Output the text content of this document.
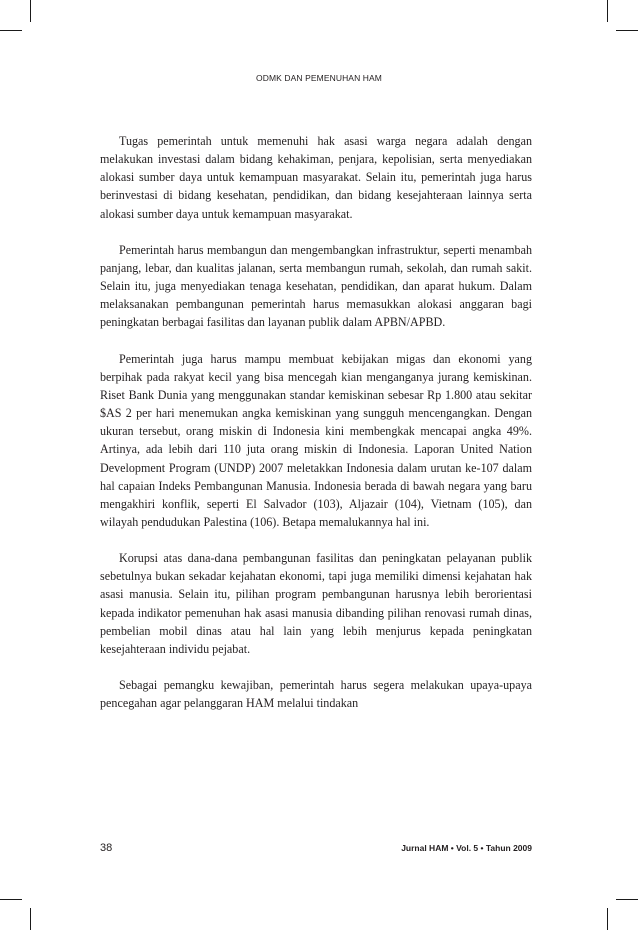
ODMK DAN PEMENUHAN HAM

Tugas pemerintah untuk memenuhi hak asasi warga negara adalah dengan melakukan investasi dalam bidang kehakiman, penjara, kepolisian, serta menyediakan alokasi sumber daya untuk kemampuan masyarakat. Selain itu, pemerintah juga harus berinvestasi di bidang kesehatan, pendidikan, dan bidang kesejahteraan lainnya serta alokasi sumber daya untuk kemampuan masyarakat.

Pemerintah harus membangun dan mengembangkan infrastruktur, seperti menambah panjang, lebar, dan kualitas jalanan, serta membangun rumah, sekolah, dan rumah sakit. Selain itu, juga menyediakan tenaga kesehatan, pendidikan, dan aparat hukum. Dalam melaksanakan pembangunan pemerintah harus memasukkan alokasi anggaran bagi peningkatan berbagai fasilitas dan layanan publik dalam APBN/APBD.

Pemerintah juga harus mampu membuat kebijakan migas dan ekonomi yang berpihak pada rakyat kecil yang bisa mencegah kian menganganya jurang kemiskinan. Riset Bank Dunia yang menggunakan standar kemiskinan sebesar Rp 1.800 atau sekitar $AS 2 per hari menemukan angka kemiskinan yang sungguh mencengangkan. Dengan ukuran tersebut, orang miskin di Indonesia kini membengkak mencapai angka 49%. Artinya, ada lebih dari 110 juta orang miskin di Indonesia. Laporan United Nation Development Program (UNDP) 2007 meletakkan Indonesia dalam urutan ke-107 dalam hal capaian Indeks Pembangunan Manusia. Indonesia berada di bawah negara yang baru mengakhiri konflik, seperti El Salvador (103), Aljazair (104), Vietnam (105), dan wilayah pendudukan Palestina (106). Betapa memalukannya hal ini.

Korupsi atas dana-dana pembangunan fasilitas dan peningkatan pelayanan publik sebetulnya bukan sekadar kejahatan ekonomi, tapi juga memiliki dimensi kejahatan hak asasi manusia. Selain itu, pilihan program pembangunan harusnya lebih berorientasi kepada indikator pemenuhan hak asasi manusia dibanding pilihan renovasi rumah dinas, pembelian mobil dinas atau hal lain yang lebih menjurus kepada peningkatan kesejahteraan individu pejabat.

Sebagai pemangku kewajiban, pemerintah harus segera melakukan upaya-upaya pencegahan agar pelanggaran HAM melalui tindakan

38	Jurnal HAM • Vol. 5 • Tahun 2009
